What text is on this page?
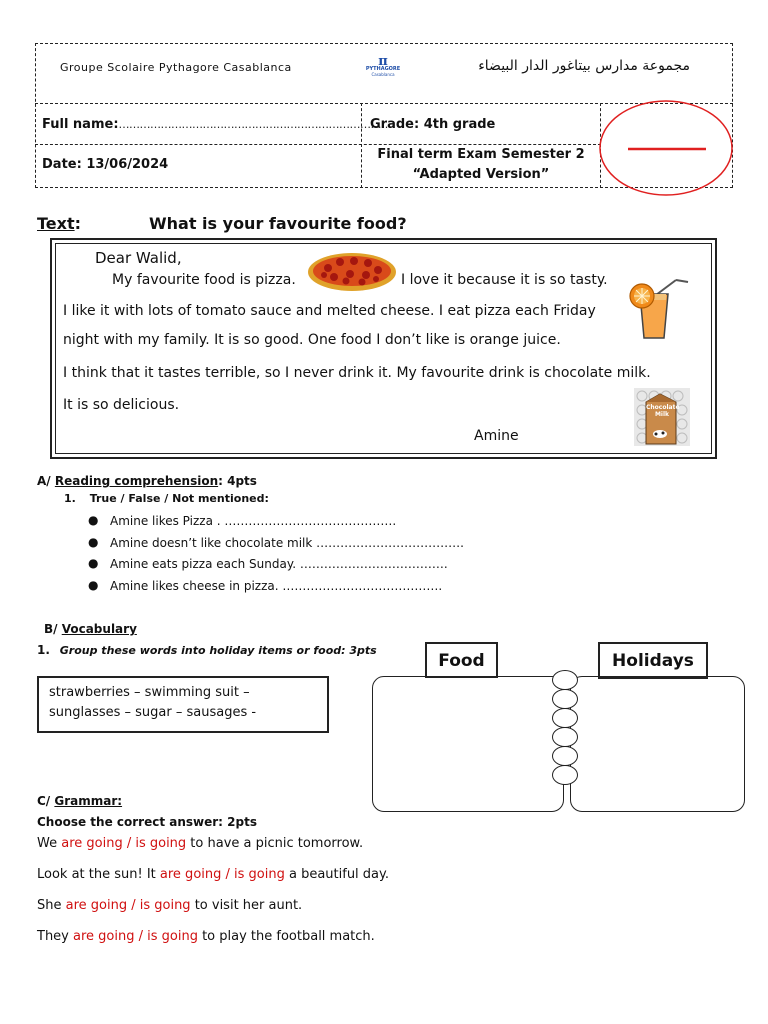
Groupe Scolaire Pythagore Casablanca	π
PYTHAGORE
Casablanca
مجموعة مدارس بيتاغور الدار البيضاء
Full name:……………………………………………………………………
Grade: 4th grade
Date: 13/06/2024
Final term Exam Semester 2
“Adapted Version”
Text:	What is your favourite food?
Dear Walid,
My favourite food is pizza.	I love it because it is so tasty.
I like it with lots of tomato sauce and melted cheese. I eat pizza each Friday
night with my family. It is so good. One food I don’t like is orange juice.
I think that it tastes terrible, so I never drink it. My favourite drink is chocolate milk.
It is so delicious.
Amine
Chocolate Milk
A/ Reading comprehension: 4pts
1. True / False / Not mentioned:
● Amine likes Pizza . …………………………………….
● Amine doesn’t like chocolate milk ……………………………….
● Amine eats pizza each Sunday. ……………………………….
● Amine likes cheese in pizza. ………………………………….
B/ Vocabulary
1. Group these words into holiday items or food: 3pts
strawberries – swimming suit –
sunglasses – sugar – sausages -
Food	Holidays
C/ Grammar:
Choose the correct answer: 2pts
We are going / is going to have a picnic tomorrow.
Look at the sun! It are going / is going a beautiful day.
She are going / is going to visit her aunt.
They are going / is going to play the football match.
